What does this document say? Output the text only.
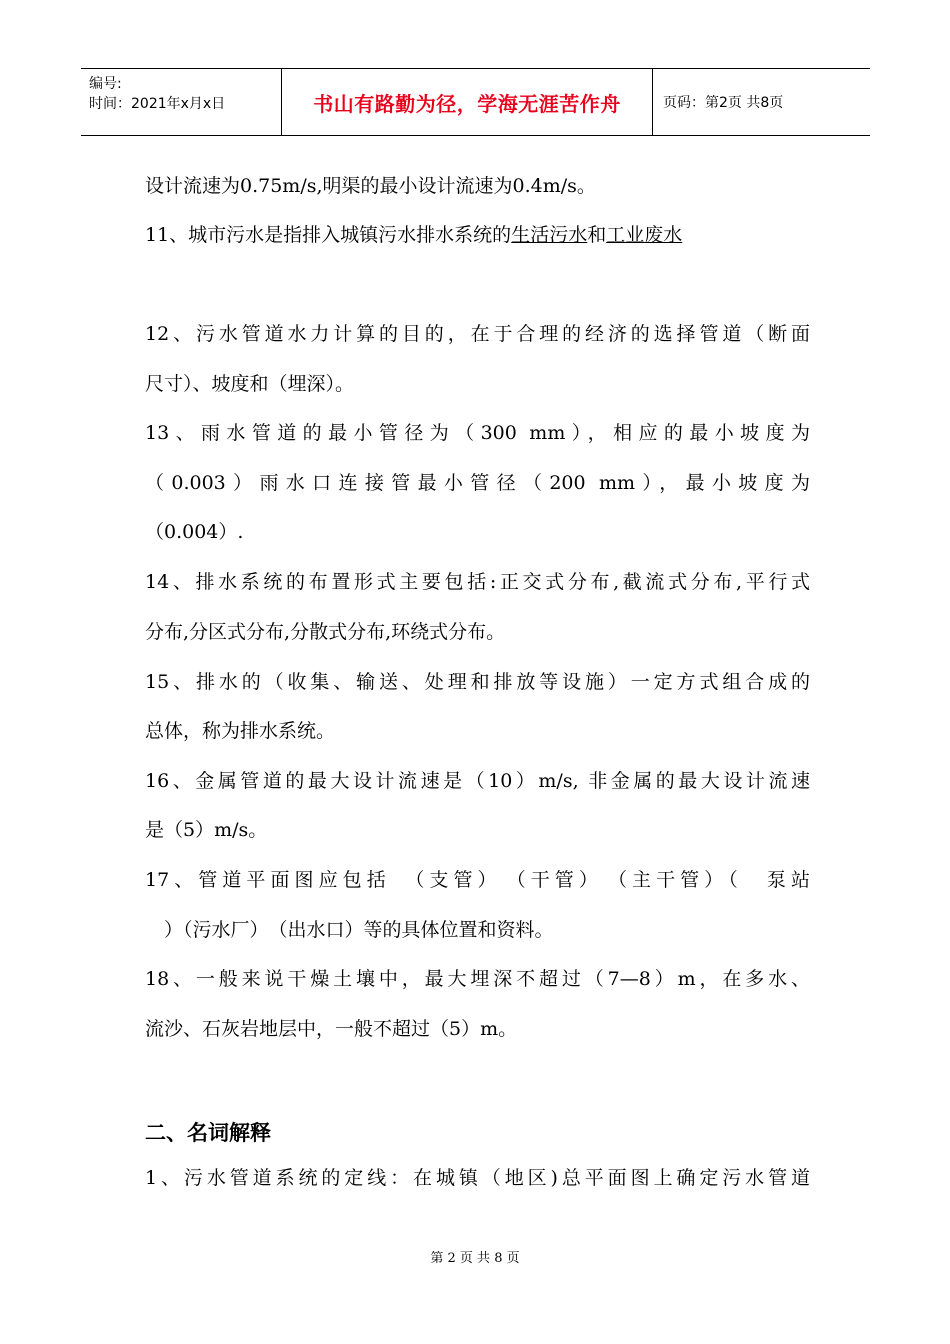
编号:
时间：2021年x月x日	书山有路勤为径，学海无涯苦作舟	页码：第2页 共8页
设计流速为0.75m/s,明渠的最小设计流速为0.4m/s。
11、城市污水是指排入城镇污水排水系统的生活污水和工业废水
12、污水管道水力计算的目的，在于合理的经济的选择管道（断面
尺寸）、坡度和（埋深）。
13、雨水管道的最小管径为（300 mm），相应的最小坡度为
（0.003）雨水口连接管最小管径（200 mm），最小坡度为
（0.004）.
14、排水系统的布置形式主要包括:正交式分布,截流式分布,平行式
分布,分区式分布,分散式分布,环绕式分布。
15、排水的（收集、输送、处理和排放等设施）一定方式组合成的
总体，称为排水系统。
16、金属管道的最大设计流速是（10）m/s, 非金属的最大设计流速
是（5）m/s。
17、管道平面图应包括　（支管）　（干管）　（主干管）（　泵站
　）（污水厂）　（出水口）等的具体位置和资料。
18、一般来说干燥土壤中，最大埋深不超过（7—8）m，在多水、
流沙、石灰岩地层中，一般不超过（5）m。
二、名词解释
1、污水管道系统的定线：在城镇（地区)总平面图上确定污水管道
第 2 页 共 8 页
